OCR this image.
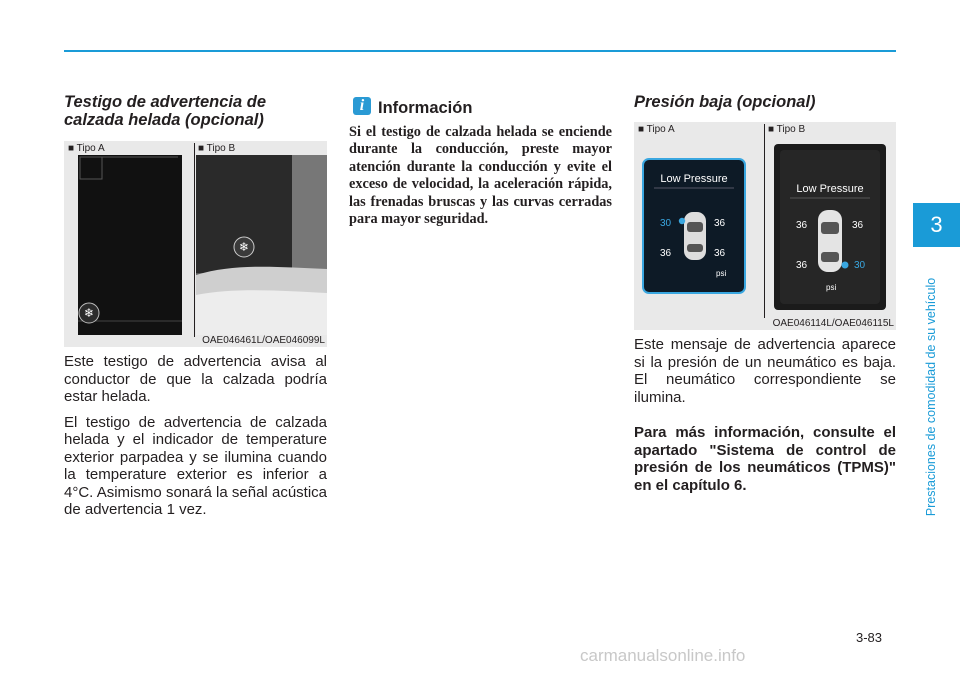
Testigo de advertencia de
calzada helada (opcional)

■ Tipo A	■ Tipo B
❄
❄
OAE046461L/OAE046099L

Este testigo de advertencia avisa al conductor de que la calzada podría estar helada.

El testigo de advertencia de calzada helada y el indicador de temperature exterior parpadea y se ilumina cuando la temperature exterior es inferior a 4°C. Asimismo sonará la señal acústica de advertencia 1 vez.

i Información

Si el testigo de calzada helada se enciende durante la conducción, preste mayor atención durante la conducción y evite el exceso de velocidad, la aceleración rápida, las frenadas bruscas y las curvas cerradas para mayor seguridad.

Presión baja (opcional)

■ Tipo A	■ Tipo B
Low Pressure
30	36
36	36
psi
Low Pressure
36	36
36	30
psi
OAE046114L/OAE046115L

Este mensaje de advertencia aparece si la presión de un neumático es baja. El neumático correspondiente se ilumina.

Para más información, consulte el apartado "Sistema de control de presión de los neumáticos (TPMS)" en el capítulo 6.

3
Prestaciones de comodidad de su vehículo
3-83
carmanualsonline.info
